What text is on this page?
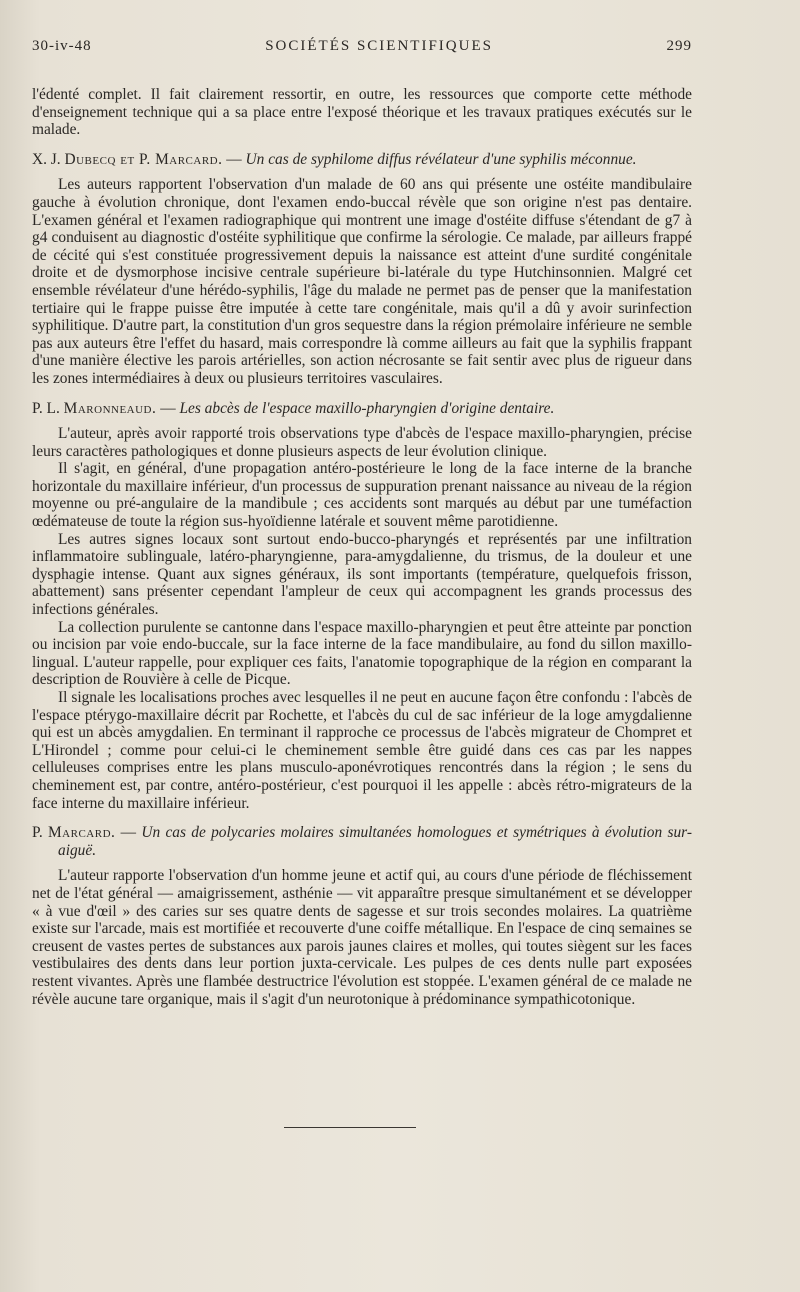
30-iv-48	SOCIÉTÉS SCIENTIFIQUES	299

l'édenté complet. Il fait clairement ressortir, en outre, les ressources que comporte cette méthode d'enseignement technique qui a sa place entre l'exposé théorique et les travaux pratiques exécutés sur le malade.

X. J. Dubecq et P. Marcard. — Un cas de syphilome diffus révélateur d'une syphilis méconnue.

Les auteurs rapportent l'observation d'un malade de 60 ans qui présente une ostéite mandibulaire gauche à évolution chronique, dont l'examen endo-buccal révèle que son origine n'est pas dentaire. L'examen général et l'examen radiographique qui montrent une image d'ostéite diffuse s'étendant de g7 à g4 conduisent au diagnostic d'ostéite syphilitique que confirme la sérologie. Ce malade, par ailleurs frappé de cécité qui s'est constituée progressivement depuis la naissance est atteint d'une surdité congénitale droite et de dysmorphose incisive centrale supérieure bi-latérale du type Hutchinsonnien. Malgré cet ensemble révélateur d'une hérédo-syphilis, l'âge du malade ne permet pas de penser que la manifestation tertiaire qui le frappe puisse être imputée à cette tare congénitale, mais qu'il a dû y avoir surinfection syphilitique. D'autre part, la constitution d'un gros sequestre dans la région prémolaire inférieure ne semble pas aux auteurs être l'effet du hasard, mais correspondre là comme ailleurs au fait que la syphilis frappant d'une manière élective les parois artérielles, son action nécrosante se fait sentir avec plus de rigueur dans les zones intermédiaires à deux ou plusieurs territoires vasculaires.

P. L. Maronneaud. — Les abcès de l'espace maxillo-pharyngien d'origine dentaire.

L'auteur, après avoir rapporté trois observations type d'abcès de l'espace maxillo-pharyngien, précise leurs caractères pathologiques et donne plusieurs aspects de leur évolution clinique.

Il s'agit, en général, d'une propagation antéro-postérieure le long de la face interne de la branche horizontale du maxillaire inférieur, d'un processus de suppuration prenant naissance au niveau de la région moyenne ou pré-angulaire de la mandibule ; ces accidents sont marqués au début par une tuméfaction œdémateuse de toute la région sus-hyoïdienne latérale et souvent même parotidienne.

Les autres signes locaux sont surtout endo-bucco-pharyngés et représentés par une infiltration inflammatoire sublinguale, latéro-pharyngienne, para-amygdalienne, du trismus, de la douleur et une dysphagie intense. Quant aux signes généraux, ils sont importants (température, quelquefois frisson, abattement) sans présenter cependant l'ampleur de ceux qui accompagnent les grands processus des infections générales.

La collection purulente se cantonne dans l'espace maxillo-pharyngien et peut être atteinte par ponction ou incision par voie endo-buccale, sur la face interne de la face mandibulaire, au fond du sillon maxillo-lingual. L'auteur rappelle, pour expliquer ces faits, l'anatomie topographique de la région en comparant la description de Rouvière à celle de Picque.

Il signale les localisations proches avec lesquelles il ne peut en aucune façon être confondu : l'abcès de l'espace ptérygo-maxillaire décrit par Rochette, et l'abcès du cul de sac inférieur de la loge amygdalienne qui est un abcès amygdalien. En terminant il rapproche ce processus de l'abcès migrateur de Chompret et L'Hirondel ; comme pour celui-ci le cheminement semble être guidé dans ces cas par les nappes celluleuses comprises entre les plans musculo-aponévrotiques rencontrés dans la région ; le sens du cheminement est, par contre, antéro-postérieur, c'est pourquoi il les appelle : abcès rétro-migrateurs de la face interne du maxillaire inférieur.

P. Marcard. — Un cas de polycaries molaires simultanées homologues et symétriques à évolution sur-aiguë.

L'auteur rapporte l'observation d'un homme jeune et actif qui, au cours d'une période de fléchissement net de l'état général — amaigrissement, asthénie — vit apparaître presque simultanément et se développer « à vue d'œil » des caries sur ses quatre dents de sagesse et sur trois secondes molaires. La quatrième existe sur l'arcade, mais est mortifiée et recouverte d'une coiffe métallique. En l'espace de cinq semaines se creusent de vastes pertes de substances aux parois jaunes claires et molles, qui toutes siègent sur les faces vestibulaires des dents dans leur portion juxta-cervicale. Les pulpes de ces dents nulle part exposées restent vivantes. Après une flambée destructrice l'évolution est stoppée. L'examen général de ce malade ne révèle aucune tare organique, mais il s'agit d'un neurotonique à prédominance sympathicotonique.
